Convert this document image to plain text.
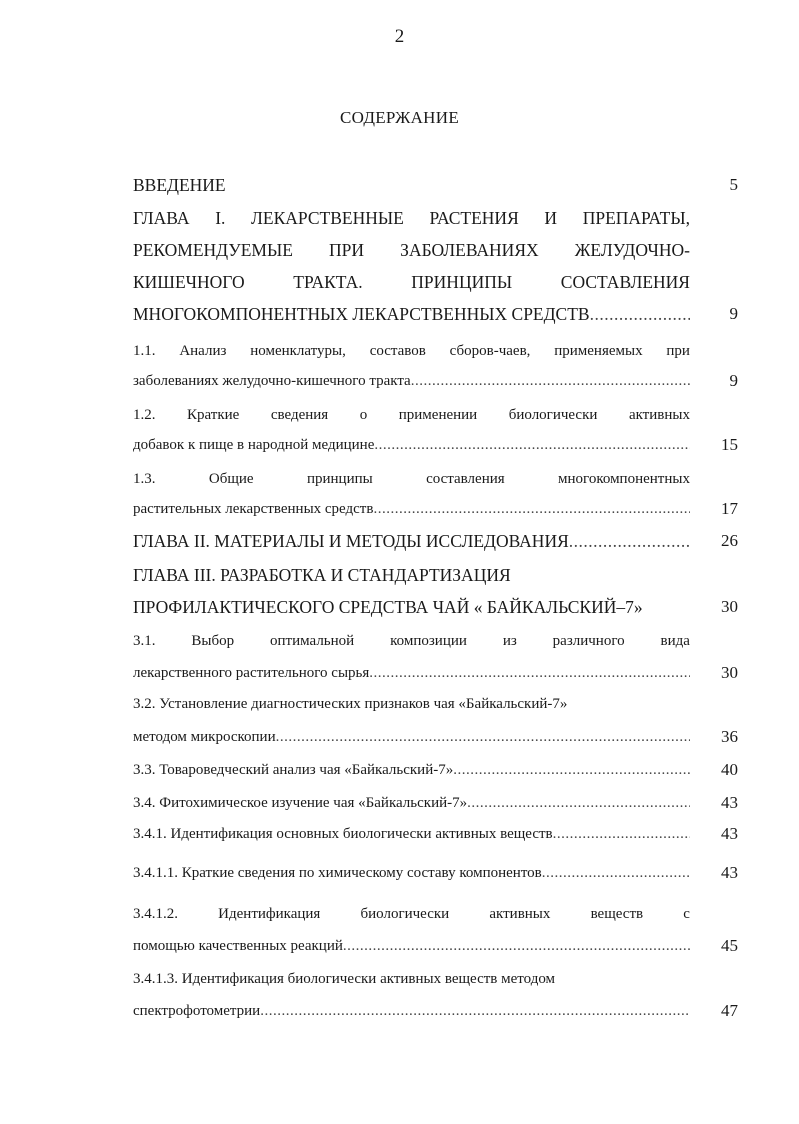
2
СОДЕРЖАНИЕ
ВВЕДЕНИЕ	5
ГЛАВА I. ЛЕКАРСТВЕННЫЕ РАСТЕНИЯ И ПРЕПАРАТЫ,
РЕКОМЕНДУЕМЫЕ ПРИ ЗАБОЛЕВАНИЯХ ЖЕЛУДОЧНО-
КИШЕЧНОГО	ТРАКТА.	ПРИНЦИПЫ	СОСТАВЛЕНИЯ
МНОГОКОМПОНЕНТНЫХ ЛЕКАРСТВЕННЫХ СРЕДСТВ .....	9
1.1. Анализ номенклатуры, составов сборов-чаев, применяемых при
заболеваниях желудочно-кишечного тракта .....	9
1.2. Краткие сведения о применении биологически активных
добавок к пище в народной медицине .....	15
1.3.	Общие	принципы	составления	многокомпонентных
растительных лекарственных средств .....	17
ГЛАВА II. МАТЕРИАЛЫ И МЕТОДЫ ИССЛЕДОВАНИЯ .....	26
ГЛАВА III. РАЗРАБОТКА И СТАНДАРТИЗАЦИЯ
ПРОФИЛАКТИЧЕСКОГО СРЕДСТВА ЧАЙ « БАЙКАЛЬСКИЙ–7»	30
3.1. Выбор оптимальной композиции из различного вида
лекарственного растительного сырья .....	30
3.2. Установление диагностических признаков чая «Байкальский-7»
методом микроскопии .....	36
3.3. Товароведческий анализ чая «Байкальский-7» .....	40
3.4. Фитохимическое изучение чая «Байкальский-7» .....	43
3.4.1. Идентификация основных биологически активных веществ .....	43
3.4.1.1. Краткие сведения по химическому составу компонентов .....	43
3.4.1.2.	Идентификация	биологически	активных	веществ	с
помощью качественных реакций .....	45
3.4.1.3. Идентификация биологически активных веществ методом
спектрофотометрии .....	47
